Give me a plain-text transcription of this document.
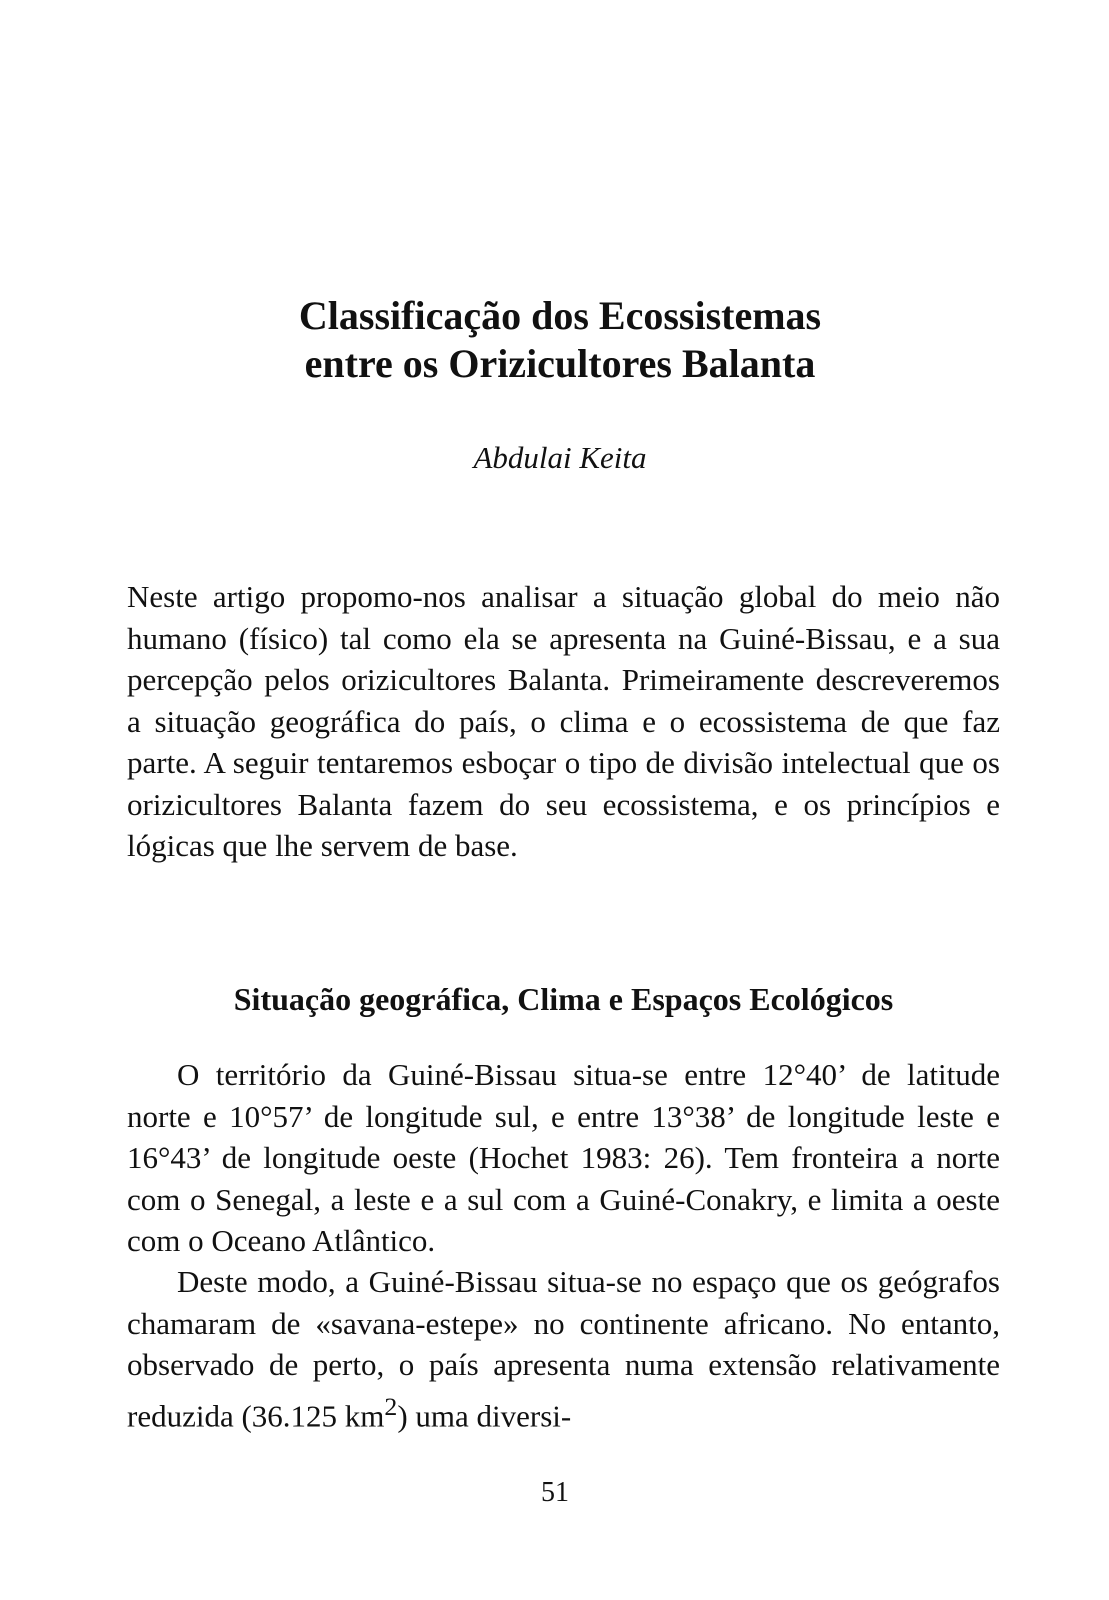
Classificação dos Ecossistemas
entre os Orizicultores Balanta

Abdulai Keita

Neste artigo propomo-nos analisar a situação global do meio não humano (físico) tal como ela se apresenta na Guiné-Bissau, e a sua percepção pelos orizicultores Balanta. Primeiramente descreveremos a situação geográfica do país, o clima e o ecossistema de que faz parte. A seguir tentaremos esboçar o tipo de divisão intelectual que os orizicultores Balanta fazem do seu ecossistema, e os princípios e lógicas que lhe servem de base.

Situação geográfica, Clima e Espaços Ecológicos

O território da Guiné-Bissau situa-se entre 12°40’ de latitude norte e 10°57’ de longitude sul, e entre 13°38’ de longitude leste e 16°43’ de longitude oeste (Hochet 1983: 26). Tem fronteira a norte com o Senegal, a leste e a sul com a Guiné-Conakry, e limita a oeste com o Oceano Atlântico.

Deste modo, a Guiné-Bissau situa-se no espaço que os geógrafos chamaram de «savana-estepe» no continente africano. No entanto, observado de perto, o país apresenta numa extensão relativamente reduzida (36.125 $km^2$) uma diversi-

51
